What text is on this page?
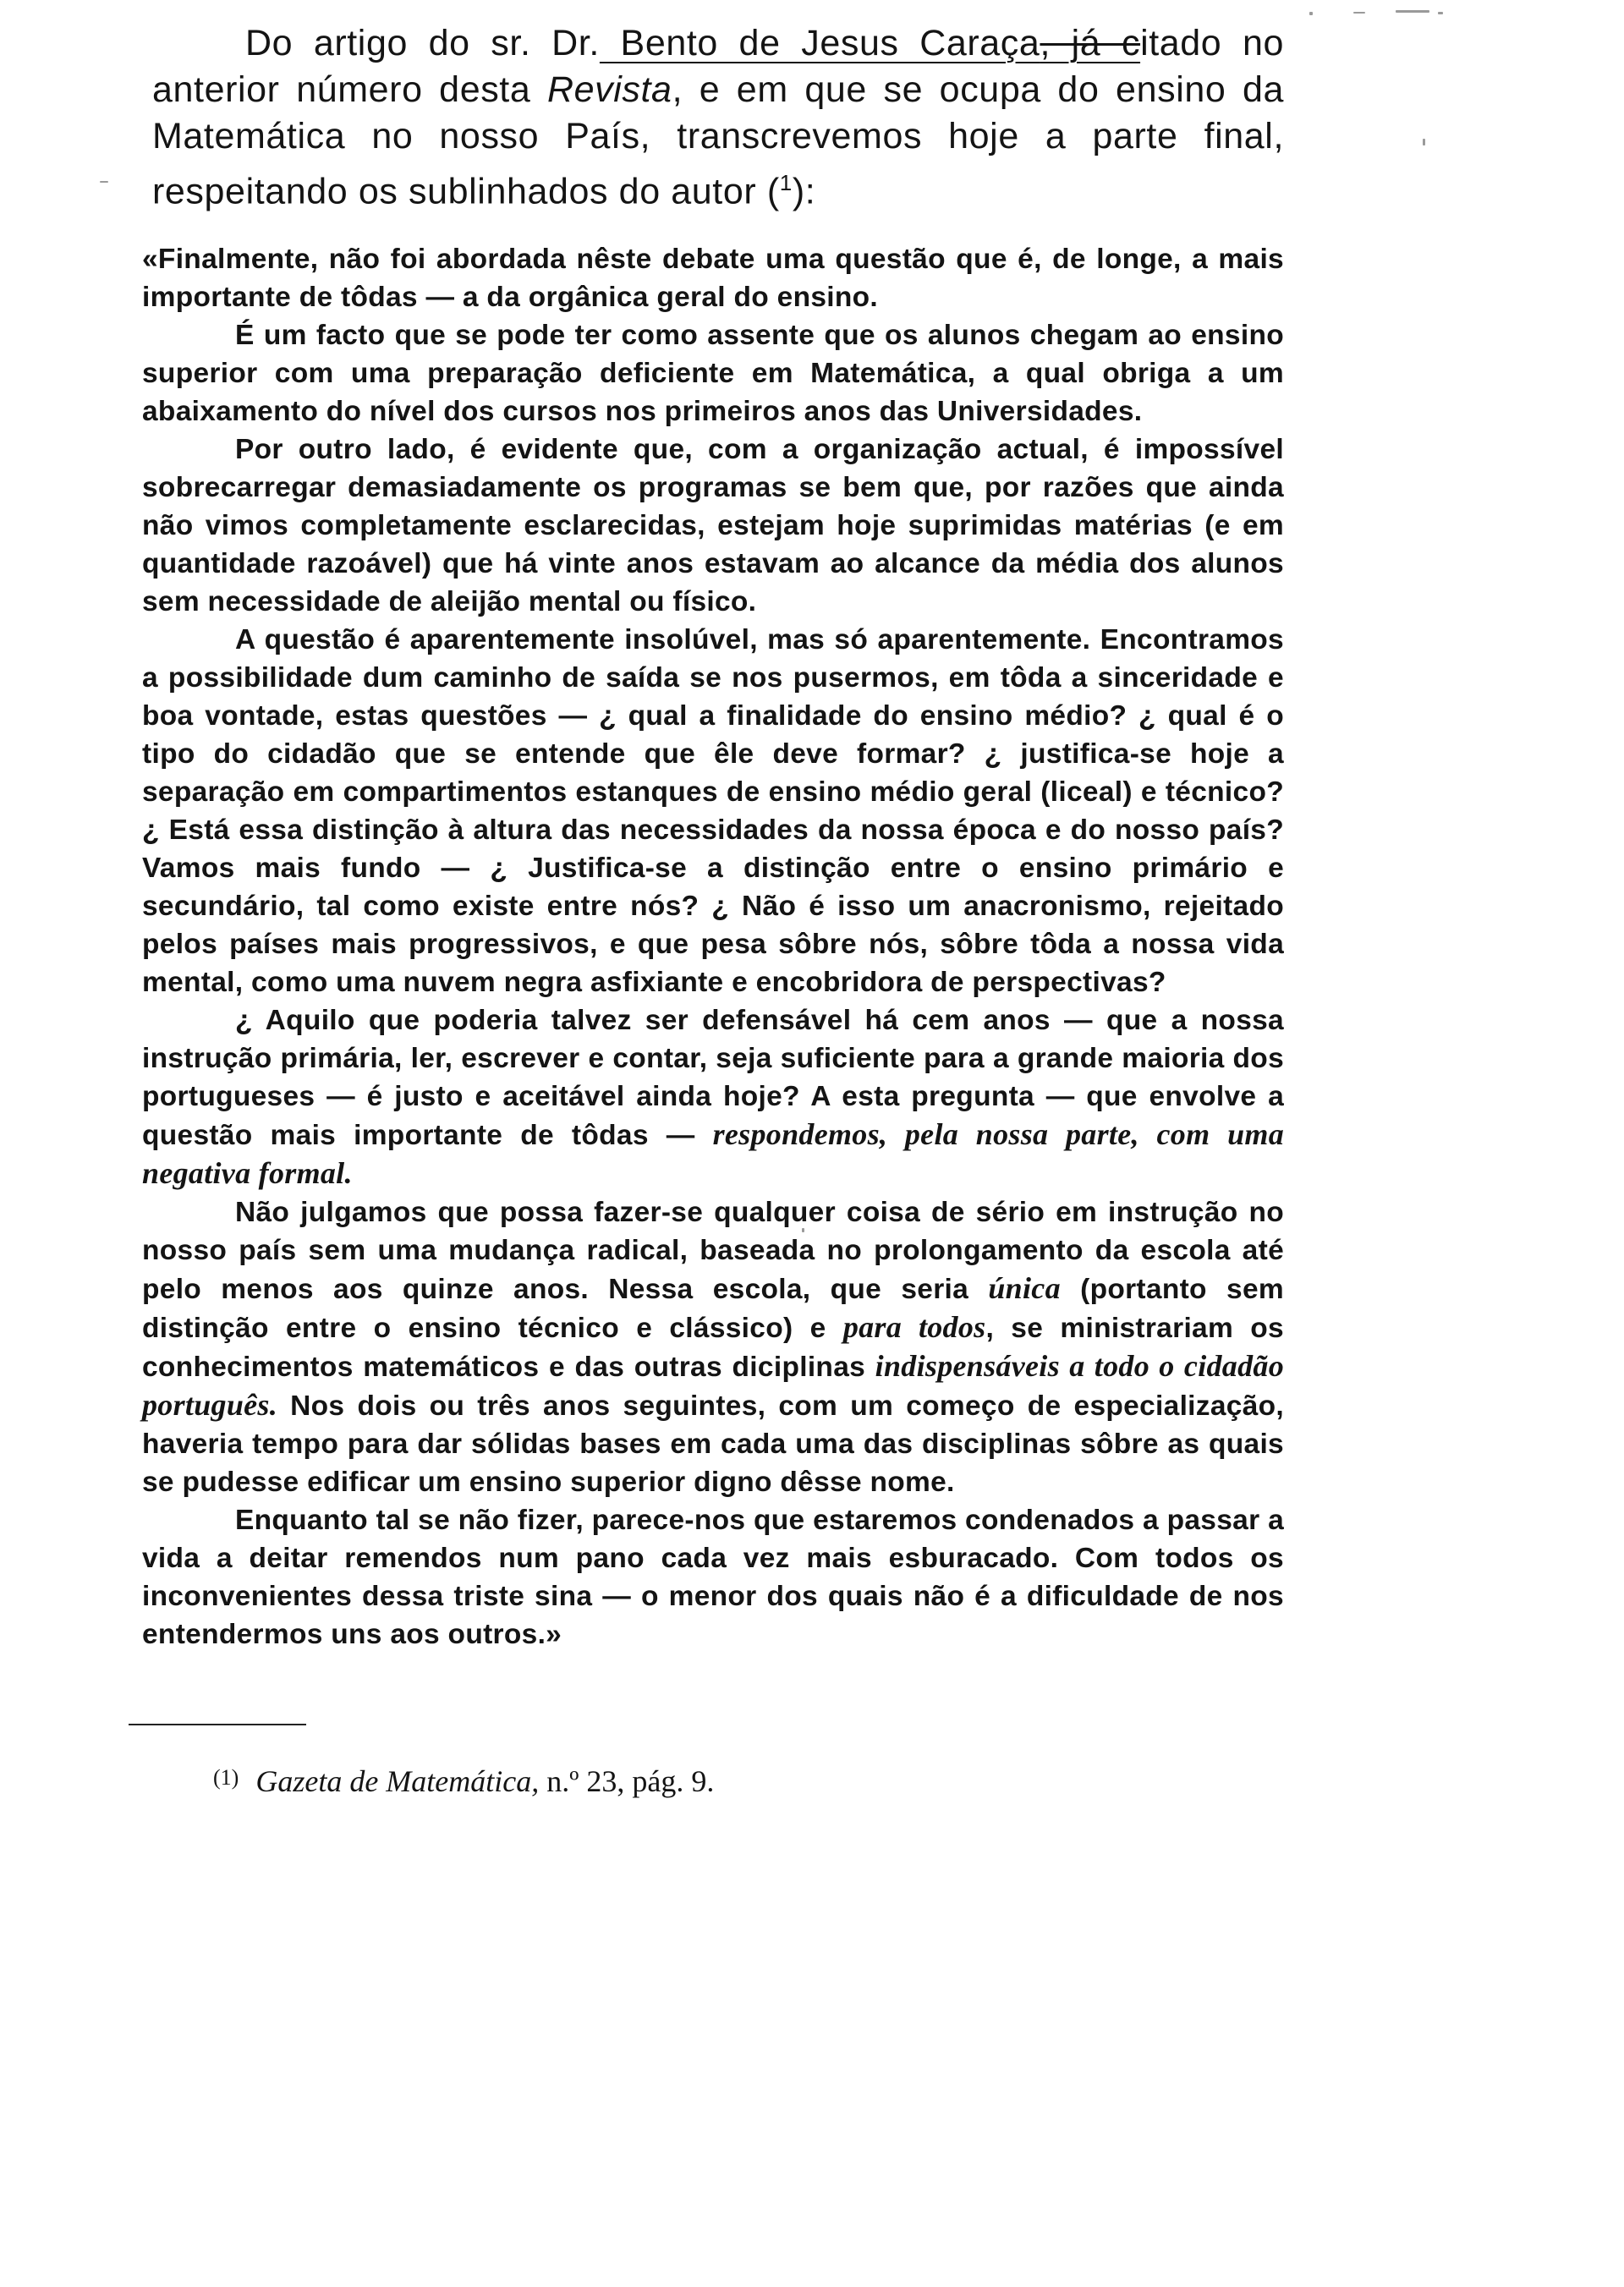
Do artigo do sr. Dr. Bento de Jesus Caraça, já citado no anterior número desta Revista, e em que se ocupa do ensino da Matemática no nosso País, transcrevemos hoje a parte final, respeitando os sublinhados do autor ($^1$):

«Finalmente, não foi abordada nêste debate uma questão que é, de longe, a mais importante de tôdas — a da orgânica geral do ensino.

É um facto que se pode ter como assente que os alunos chegam ao ensino superior com uma preparação deficiente em Matemática, a qual obriga a um abaixamento do nível dos cursos nos primeiros anos das Universidades.

Por outro lado, é evidente que, com a organização actual, é impossível sobrecarregar demasiadamente os programas se bem que, por razões que ainda não vimos completamente esclarecidas, estejam hoje suprimidas matérias (e em quantidade razoável) que há vinte anos estavam ao alcance da média dos alunos sem necessidade de aleijão mental ou físico.

A questão é aparentemente insolúvel, mas só aparentemente. Encontramos a possibilidade dum caminho de saída se nos pusermos, em tôda a sinceridade e boa vontade, estas questões — ¿ qual a finalidade do ensino médio? ¿ qual é o tipo do cidadão que se entende que êle deve formar? ¿ justifica-se hoje a separação em compartimentos estanques de ensino médio geral (liceal) e técnico? ¿ Está essa distinção à altura das necessidades da nossa época e do nosso país? Vamos mais fundo — ¿ Justifica-se a distinção entre o ensino primário e secundário, tal como existe entre nós? ¿ Não é isso um anacronismo, rejeitado pelos países mais progressivos, e que pesa sôbre nós, sôbre tôda a nossa vida mental, como uma nuvem negra asfixiante e encobridora de perspectivas?

¿ Aquilo que poderia talvez ser defensável há cem anos — que a nossa instrução primária, ler, escrever e contar, seja suficiente para a grande maioria dos portugueses — é justo e aceitável ainda hoje? A esta pregunta — que envolve a questão mais importante de tôdas — respondemos, pela nossa parte, com uma negativa formal.

Não julgamos que possa fazer-se qualquer coisa de sério em instrução no nosso país sem uma mudança radical, baseada no prolongamento da escola até pelo menos aos quinze anos. Nessa escola, que seria única (portanto sem distinção entre o ensino técnico e clássico) e para todos, se ministrariam os conhecimentos matemáticos e das outras diciplinas indispensáveis a todo o cidadão português. Nos dois ou três anos seguintes, com um começo de especialização, haveria tempo para dar sólidas bases em cada uma das disciplinas sôbre as quais se pudesse edificar um ensino superior digno dêsse nome.

Enquanto tal se não fizer, parece-nos que estaremos condenados a passar a vida a deitar remendos num pano cada vez mais esburacado. Com todos os inconvenientes dessa triste sina — o menor dos quais não é a dificuldade de nos entendermos uns aos outros.»

$^{(1)}$ Gazeta de Matemática, n.º 23, pág. 9.
